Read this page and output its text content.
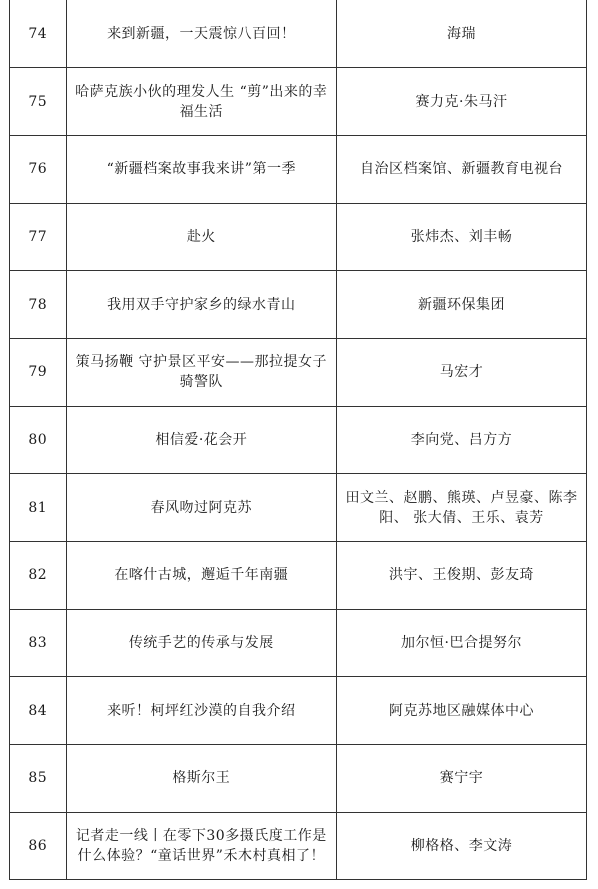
74	来到新疆，一天震惊八百回！	海瑞
75	哈萨克族小伙的理发人生 “剪”出来的幸福生活	赛力克·朱马汗
76	“新疆档案故事我来讲”第一季	自治区档案馆、新疆教育电视台
77	赴火	张炜杰、刘丰畅
78	我用双手守护家乡的绿水青山	新疆环保集团
79	策马扬鞭 守护景区平安——那拉提女子骑警队	马宏才
80	相信爱·花会开	李向党、吕方方
81	春风吻过阿克苏	田文兰、赵鹏、熊瑛、卢昱豪、陈李阳、 张大倩、王乐、袁芳
82	在喀什古城，邂逅千年南疆	洪宇、王俊期、彭友琦
83	传统手艺的传承与发展	加尔恒·巴合提努尔
84	来听！柯坪红沙漠的自我介绍	阿克苏地区融媒体中心
85	格斯尔王	赛宁宇
86	记者走一线丨在零下30多摄氏度工作是什么体验？“童话世界”禾木村真相了！	柳格格、李文涛
